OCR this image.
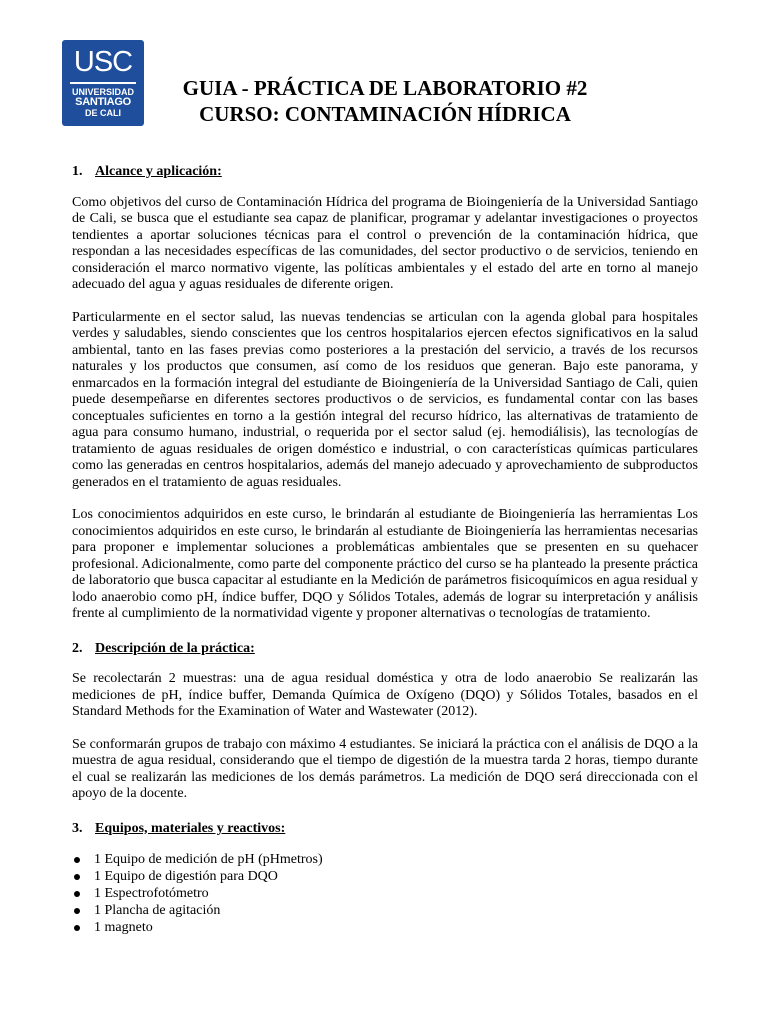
USC
UNIVERSIDAD
SANTIAGO
DE CALI
GUIA - PRÁCTICA DE LABORATORIO #2
CURSO: CONTAMINACIÓN HÍDRICA
1. Alcance y aplicación:

Como objetivos del curso de Contaminación Hídrica del programa de Bioingeniería de la Universidad Santiago de Cali, se busca que el estudiante sea capaz de planificar, programar y adelantar investigaciones o proyectos tendientes a aportar soluciones técnicas para el control o prevención de la contaminación hídrica, que respondan a las necesidades específicas de las comunidades, del sector productivo o de servicios, teniendo en consideración el marco normativo vigente, las políticas ambientales y el estado del arte en torno al manejo adecuado del agua y aguas residuales de diferente origen.

Particularmente en el sector salud, las nuevas tendencias se articulan con la agenda global para hospitales verdes y saludables, siendo conscientes que los centros hospitalarios ejercen efectos significativos en la salud ambiental, tanto en las fases previas como posteriores a la prestación del servicio, a través de los recursos naturales y los productos que consumen, así como de los residuos que generan. Bajo este panorama, y enmarcados en la formación integral del estudiante de Bioingeniería de la Universidad Santiago de Cali, quien puede desempeñarse en diferentes sectores productivos o de servicios, es fundamental contar con las bases conceptuales suficientes en torno a la gestión integral del recurso hídrico, las alternativas de tratamiento de agua para consumo humano, industrial, o requerida por el sector salud (ej. hemodiálisis), las tecnologías de tratamiento de aguas residuales de origen doméstico e industrial, o con características químicas particulares como las generadas en centros hospitalarios, además del manejo adecuado y aprovechamiento de subproductos generados en el tratamiento de aguas residuales.

Los conocimientos adquiridos en este curso, le brindarán al estudiante de Bioingeniería las herramientas Los conocimientos adquiridos en este curso, le brindarán al estudiante de Bioingeniería las herramientas necesarias para proponer e implementar soluciones a problemáticas ambientales que se presenten en su quehacer profesional. Adicionalmente, como parte del componente práctico del curso se ha planteado la presente práctica de laboratorio que busca capacitar al estudiante en la Medición de parámetros fisicoquímicos en agua residual y lodo anaerobio como pH, índice buffer, DQO y Sólidos Totales, además de lograr su interpretación y análisis frente al cumplimiento de la normatividad vigente y proponer alternativas o tecnologías de tratamiento.

2. Descripción de la práctica:

Se recolectarán 2 muestras: una de agua residual doméstica y otra de lodo anaerobio Se realizarán las mediciones de pH, índice buffer, Demanda Química de Oxígeno (DQO) y Sólidos Totales, basados en el Standard Methods for the Examination of Water and Wastewater (2012).

Se conformarán grupos de trabajo con máximo 4 estudiantes. Se iniciará la práctica con el análisis de DQO a la muestra de agua residual, considerando que el tiempo de digestión de la muestra tarda 2 horas, tiempo durante el cual se realizarán las mediciones de los demás parámetros. La medición de DQO será direccionada con el apoyo de la docente.

3. Equipos, materiales y reactivos:
1 Equipo de medición de pH (pHmetros)
1 Equipo de digestión para DQO
1 Espectrofotómetro
1 Plancha de agitación
1 magneto
